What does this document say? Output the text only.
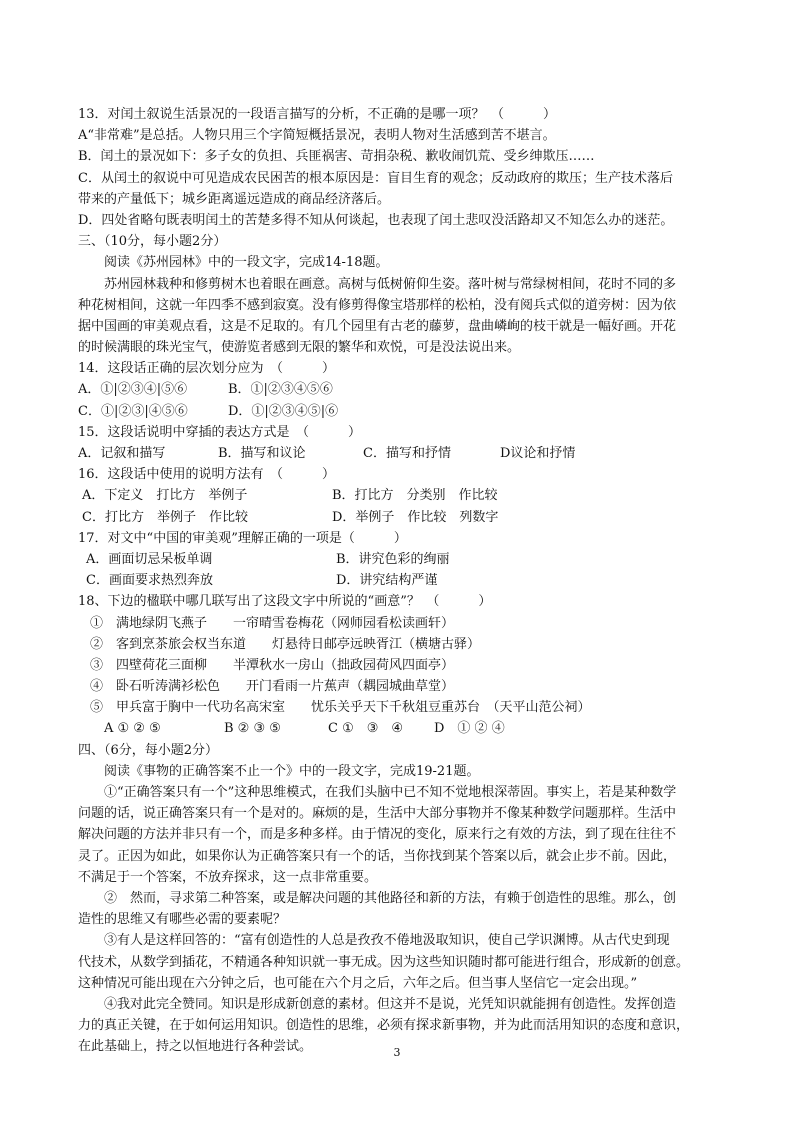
13．对闰土叙说生活景况的一段语言描写的分析，不正确的是哪一项？　（　　　）
A“非常难”是总括。人物只用三个字简短概括景况，表明人物对生活感到苦不堪言。
B．闰土的景况如下：多子女的负担、兵匪祸害、苛捐杂税、歉收闹饥荒、受乡绅欺压……
C．从闰土的叙说中可见造成农民困苦的根本原因是：盲目生育的观念；反动政府的欺压；生产技术落后
带来的产量低下；城乡距离遥远造成的商品经济落后。
D．四处省略句既表明闰土的苦楚多得不知从何谈起，也表现了闰土悲叹没活路却又不知怎么办的迷茫。
三、（10分，每小题2分）
阅读《苏州园林》中的一段文字，完成14-18题。
苏州园林栽种和修剪树木也着眼在画意。高树与低树俯仰生姿。落叶树与常绿树相间，花时不同的多
种花树相间，这就一年四季不感到寂寞。没有修剪得像宝塔那样的松柏，没有阅兵式似的道旁树：因为依
据中国画的审美观点看，这是不足取的。有几个园里有古老的藤萝，盘曲嶙峋的枝干就是一幅好画。开花
的时候满眼的珠光宝气，使游览者感到无限的繁华和欢悦，可是没法说出来。
14．这段话正确的层次划分应为　（　　　）
A．①|②③④|⑤⑥	B．①|②③④⑤⑥
C．①|②③|④⑤⑥	D．①|②③④⑤|⑥
15．这段话说明中穿插的表达方式是　（　　　）
A．记叙和描写	B．描写和议论	C．描写和抒情	D议论和抒情
16．这段话中使用的说明方法有　（　　　）
A．下定义　打比方　举例子	B．打比方　分类别　作比较
C．打比方　举例子　作比较	D．举例子　作比较　列数字
17．对文中“中国的审美观”理解正确的一项是（　　　）
A．画面切忌呆板单调	B．讲究色彩的绚丽
C．画面要求热烈奔放	D．讲究结构严谨
18、下边的楹联中哪几联写出了这段文字中所说的“画意”？　（　　　）
①　满地绿阴飞燕子　　一帘晴雪卷梅花（网师园看松读画轩）
②　客到烹茶旅会权当东道　　灯悬待日邮亭远映胥江（横塘古驿）
③　四壁荷花三面柳　　半潭秋水一房山（拙政园荷风四面亭）
④　卧石听涛满衫松色　　开门看雨一片蕉声（耦园城曲草堂）
⑤　甲兵富于胸中一代功名高宋室　　忧乐关乎天下千秋俎豆重苏台　（天平山范公祠）
A ① ② ⑤	B ② ③ ⑤	C ①　③　④	D　① ② ④
四、（6分，每小题2分）
阅读《事物的正确答案不止一个》中的一段文字，完成19-21题。
①“正确答案只有一个”这种思维模式，在我们头脑中已不知不觉地根深蒂固。事实上，若是某种数学
问题的话，说正确答案只有一个是对的。麻烦的是，生活中大部分事物并不像某种数学问题那样。生活中
解决问题的方法并非只有一个，而是多种多样。由于情况的变化，原来行之有效的方法，到了现在往往不
灵了。正因为如此，如果你认为正确答案只有一个的话，当你找到某个答案以后，就会止步不前。因此，
不满足于一个答案，不放弃探求，这一点非常重要。
②　然而，寻求第二种答案，或是解决问题的其他路径和新的方法，有赖于创造性的思维。那么，创
造性的思维又有哪些必需的要素呢？
③有人是这样回答的：“富有创造性的人总是孜孜不倦地汲取知识，使自己学识渊博。从古代史到现
代技术，从数学到插花，不精通各种知识就一事无成。因为这些知识随时都可能进行组合，形成新的创意。
这种情况可能出现在六分钟之后，也可能在六个月之后，六年之后。但当事人坚信它一定会出现。”
④我对此完全赞同。知识是形成新创意的素材。但这并不是说，光凭知识就能拥有创造性。发挥创造
力的真正关键，在于如何运用知识。创造性的思维，必须有探求新事物，并为此而活用知识的态度和意识，
在此基础上，持之以恒地进行各种尝试。	3
